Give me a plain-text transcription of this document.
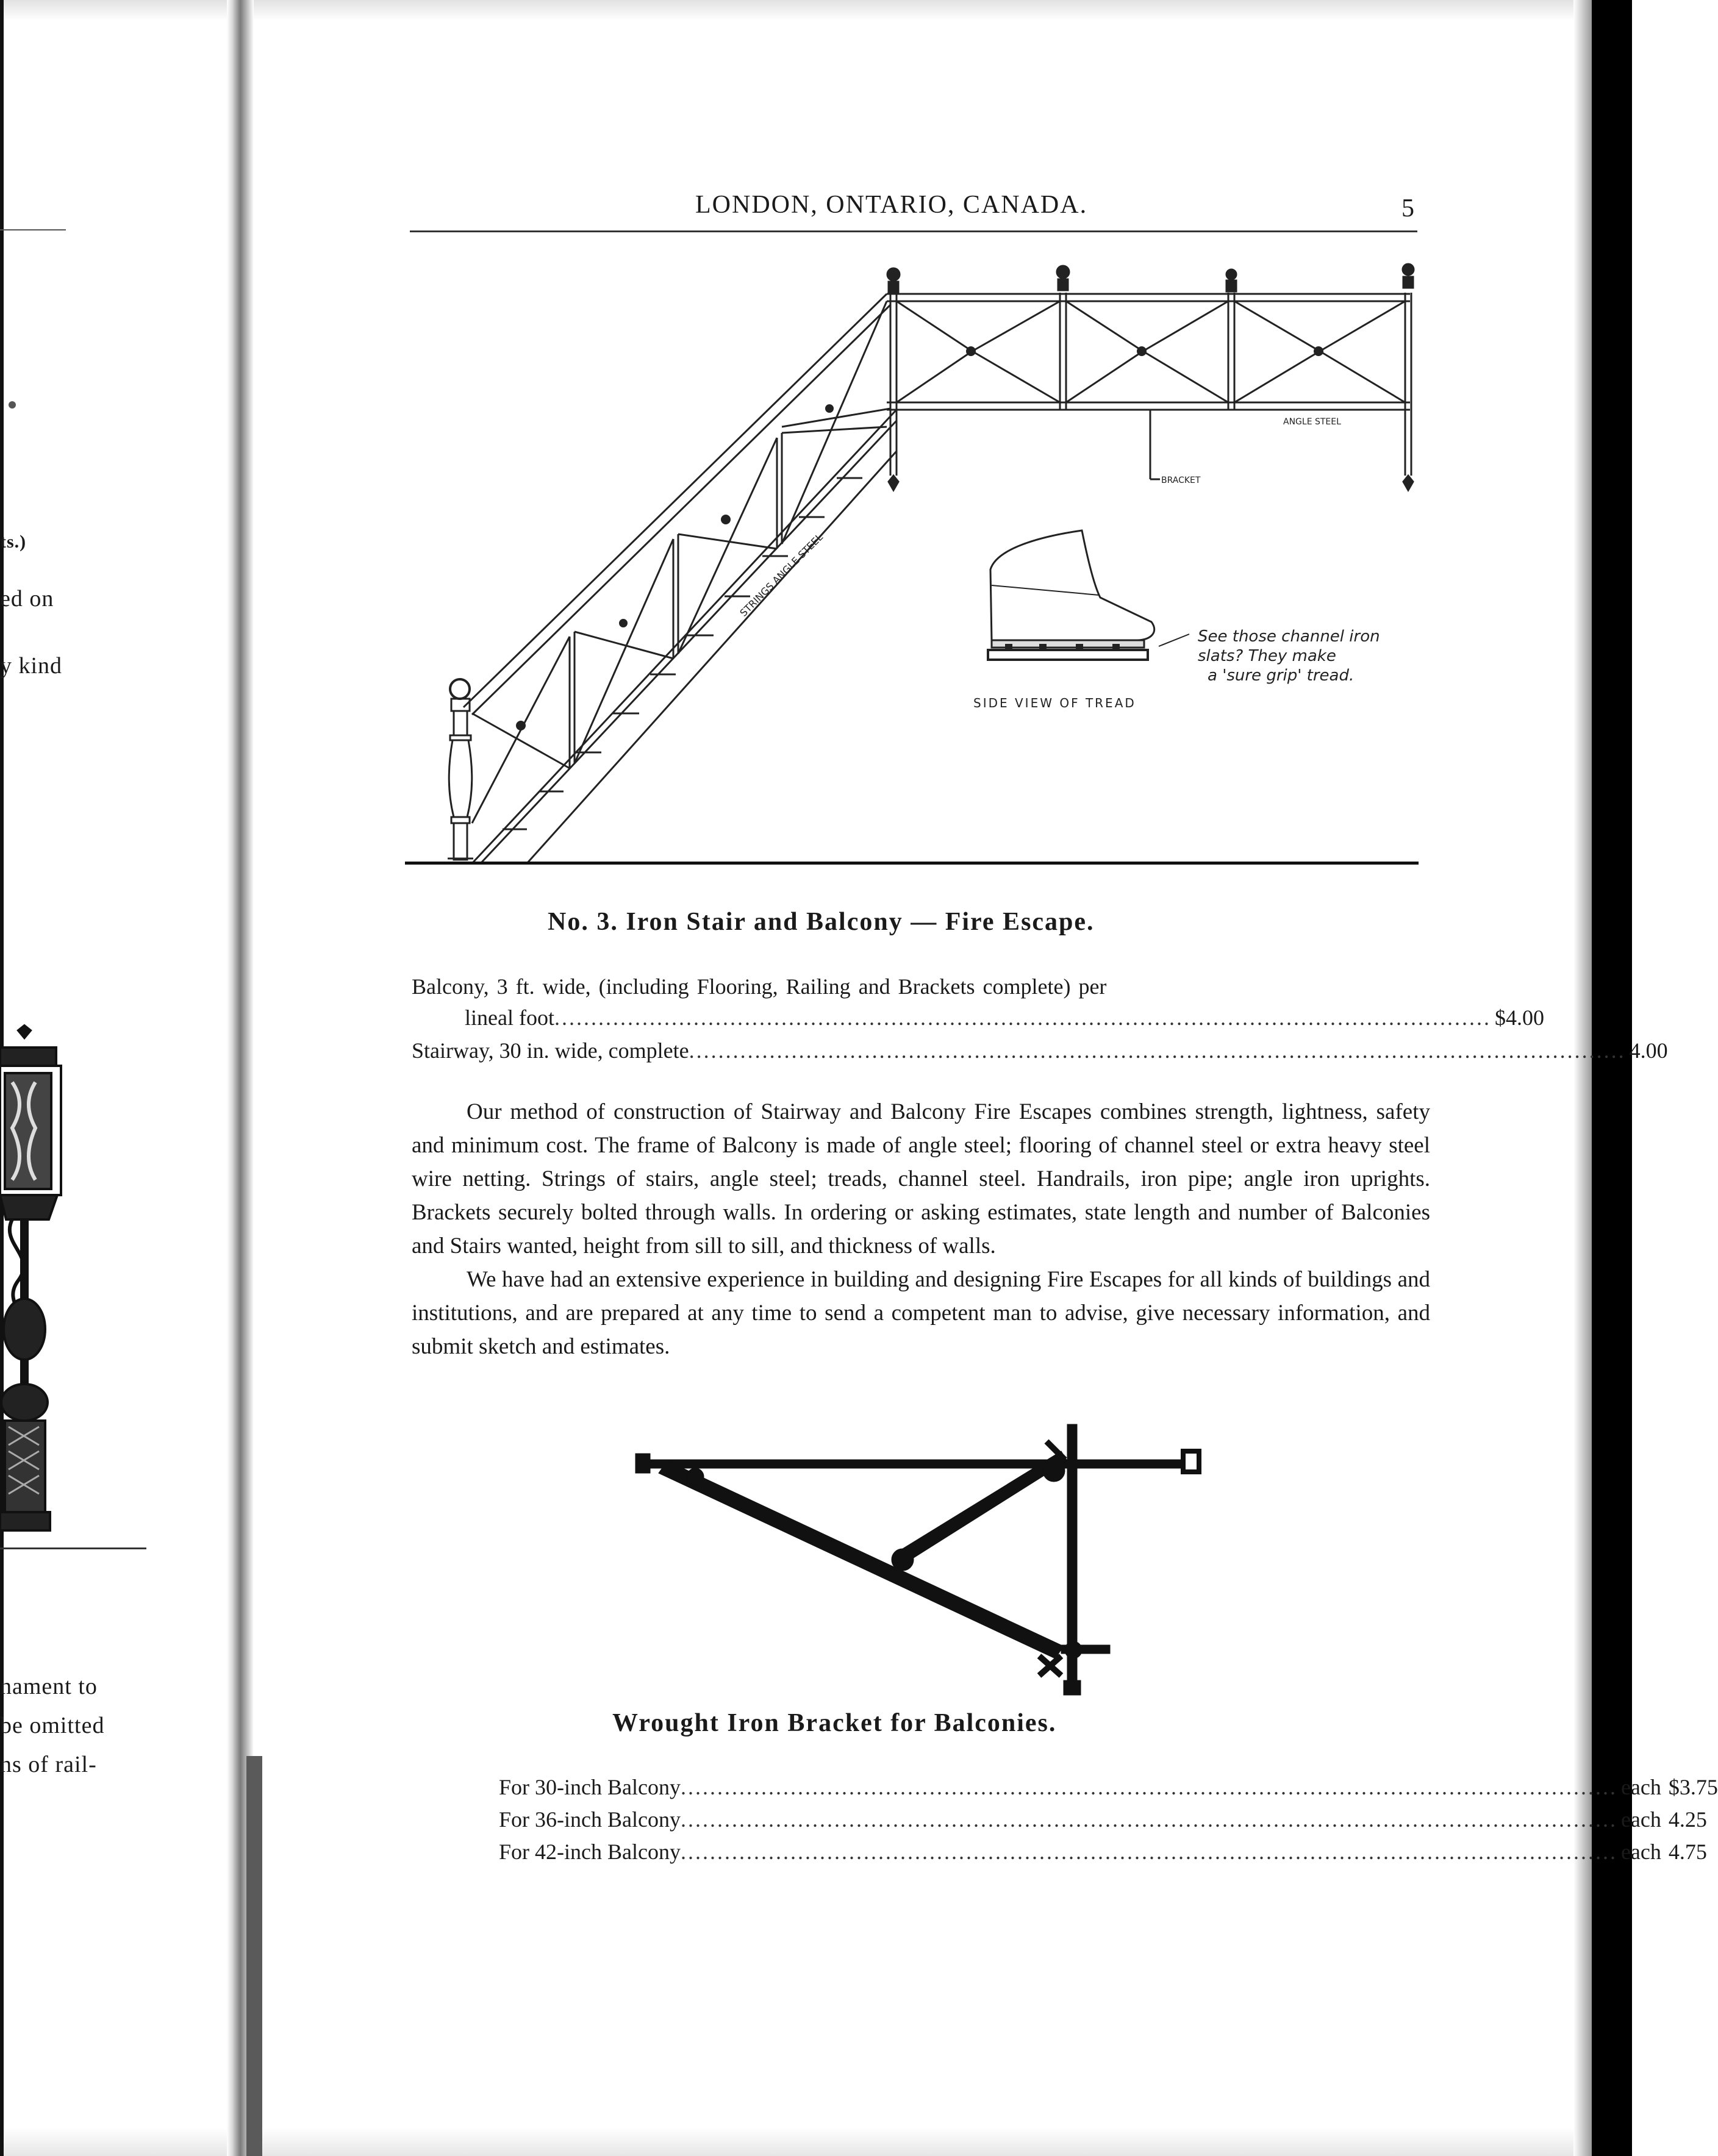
ts.)
ed on
y kind
nament to
be omitted
ns of rail-
LONDON, ONTARIO, CANADA.	5
STRINGS ANGLE STEEL
ANGLE STEEL
BRACKET
SIDE VIEW OF TREAD
See those channel iron
slats? They make
a 'sure grip' tread.
No. 3. Iron Stair and Balcony — Fire Escape.
Balcony, 3 ft. wide, (including Flooring, Railing and Brackets complete) per
lineal foot ................................................................................................................................ $4.00
Stairway, 30 in. wide, complete ................................................................................................................................ 4.00

Our method of construction of Stairway and Balcony Fire Escapes combines strength, lightness, safety and minimum cost. The frame of Balcony is made of angle steel; flooring of channel steel or extra heavy steel wire netting. Strings of stairs, angle steel; treads, channel steel. Handrails, iron pipe; angle iron uprights. Brackets securely bolted through walls. In ordering or asking estimates, state length and number of Balconies and Stairs wanted, height from sill to sill, and thickness of walls.

We have had an extensive experience in building and designing Fire Escapes for all kinds of buildings and institutions, and are prepared at any time to send a competent man to advise, give necessary information, and submit sketch and estimates.

Wrought Iron Bracket for Balconies.
For 30-inch Balcony ................................................................................................................................ each $3.75
For 36-inch Balcony ................................................................................................................................ each 4.25
For 42-inch Balcony ................................................................................................................................ each 4.75
